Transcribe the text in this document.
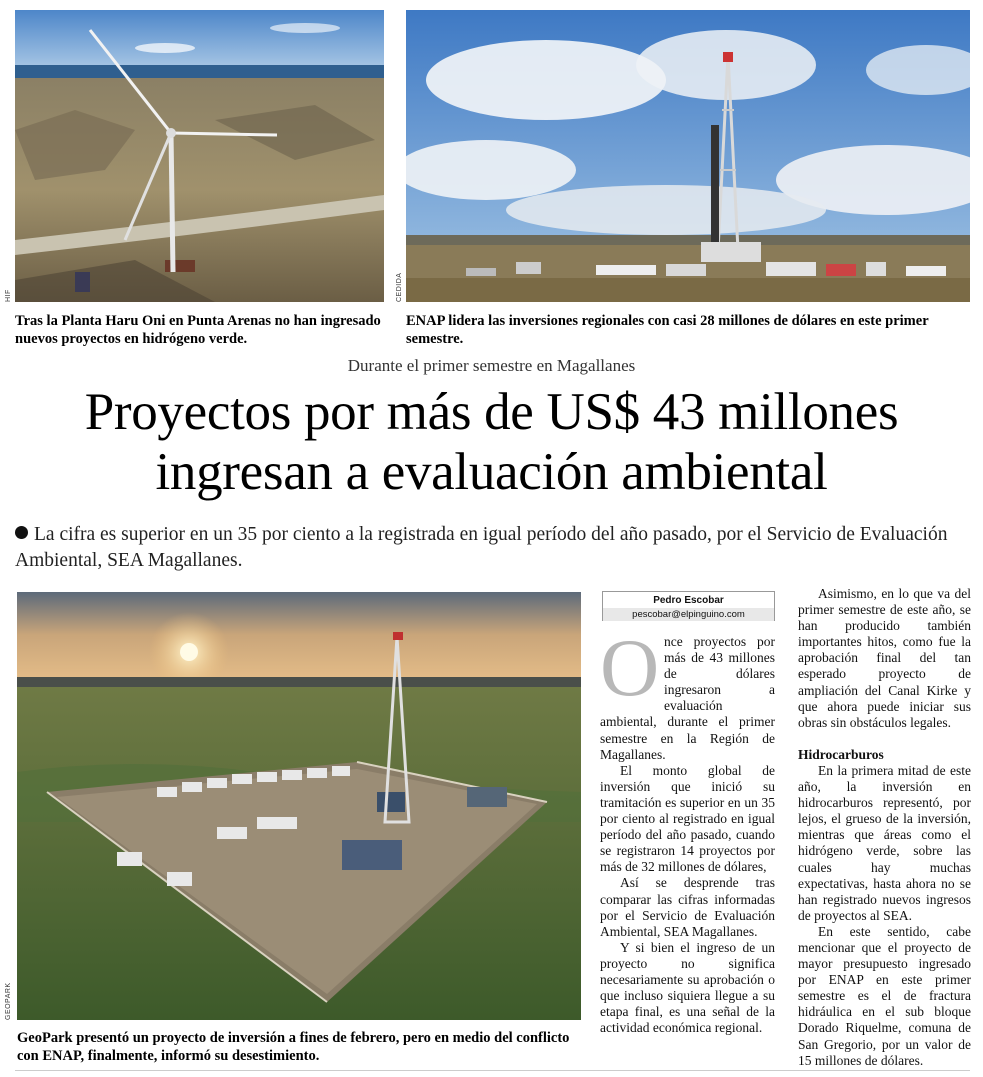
HIF	CEDIDA
Tras la Planta Haru Oni en Punta Arenas no han ingresado nuevos proyectos en hidrógeno verde.
ENAP lidera las inversiones regionales con casi 28 millones de dólares en este primer semestre.
Durante el primer semestre en Magallanes
Proyectos por más de US$ 43 millones
ingresan a evaluación ambiental
La cifra es superior en un 35 por ciento a la registrada en igual período del año pasado, por el Servicio de Evaluación Ambiental, SEA Magallanes.
GEOPARK
GeoPark presentó un proyecto de inversión a fines de febrero, pero en medio del conflicto con ENAP, finalmente, informó su desestimiento.
Pedro Escobar
pescobar@elpinguino.com
O nce proyectos por más de 43 millones de dólares ingresaron a evaluación ambiental, durante el primer semestre en la Región de Magallanes.

El monto global de inversión que inició su tramitación es superior en un 35 por ciento al registrado en igual período del año pasado, cuando se registraron 14 proyectos por más de 32 millones de dólares,

Así se desprende tras comparar las cifras informadas por el Servicio de Evaluación Ambiental, SEA Magallanes.

Y si bien el ingreso de un proyecto no significa necesariamente su aprobación o que incluso siquiera llegue a su etapa final, es una señal de la actividad económica regional.

Asimismo, en lo que va del primer semestre de este año, se han producido también importantes hitos, como fue la aprobación final del tan esperado proyecto de ampliación del Canal Kirke y que ahora puede iniciar sus obras sin obstáculos legales.

Hidrocarburos

En la primera mitad de este año, la inversión en hidrocarburos representó, por lejos, el grueso de la inversión, mientras que áreas como el hidrógeno verde, sobre las cuales hay muchas expectativas, hasta ahora no se han registrado nuevos ingresos de proyectos al SEA.

En este sentido, cabe mencionar que el proyecto de mayor presupuesto ingresado por ENAP en este primer semestre es el de fractura hidráulica en el sub bloque Dorado Riquelme, comuna de San Gregorio, por un valor de 15 millones de dólares.
